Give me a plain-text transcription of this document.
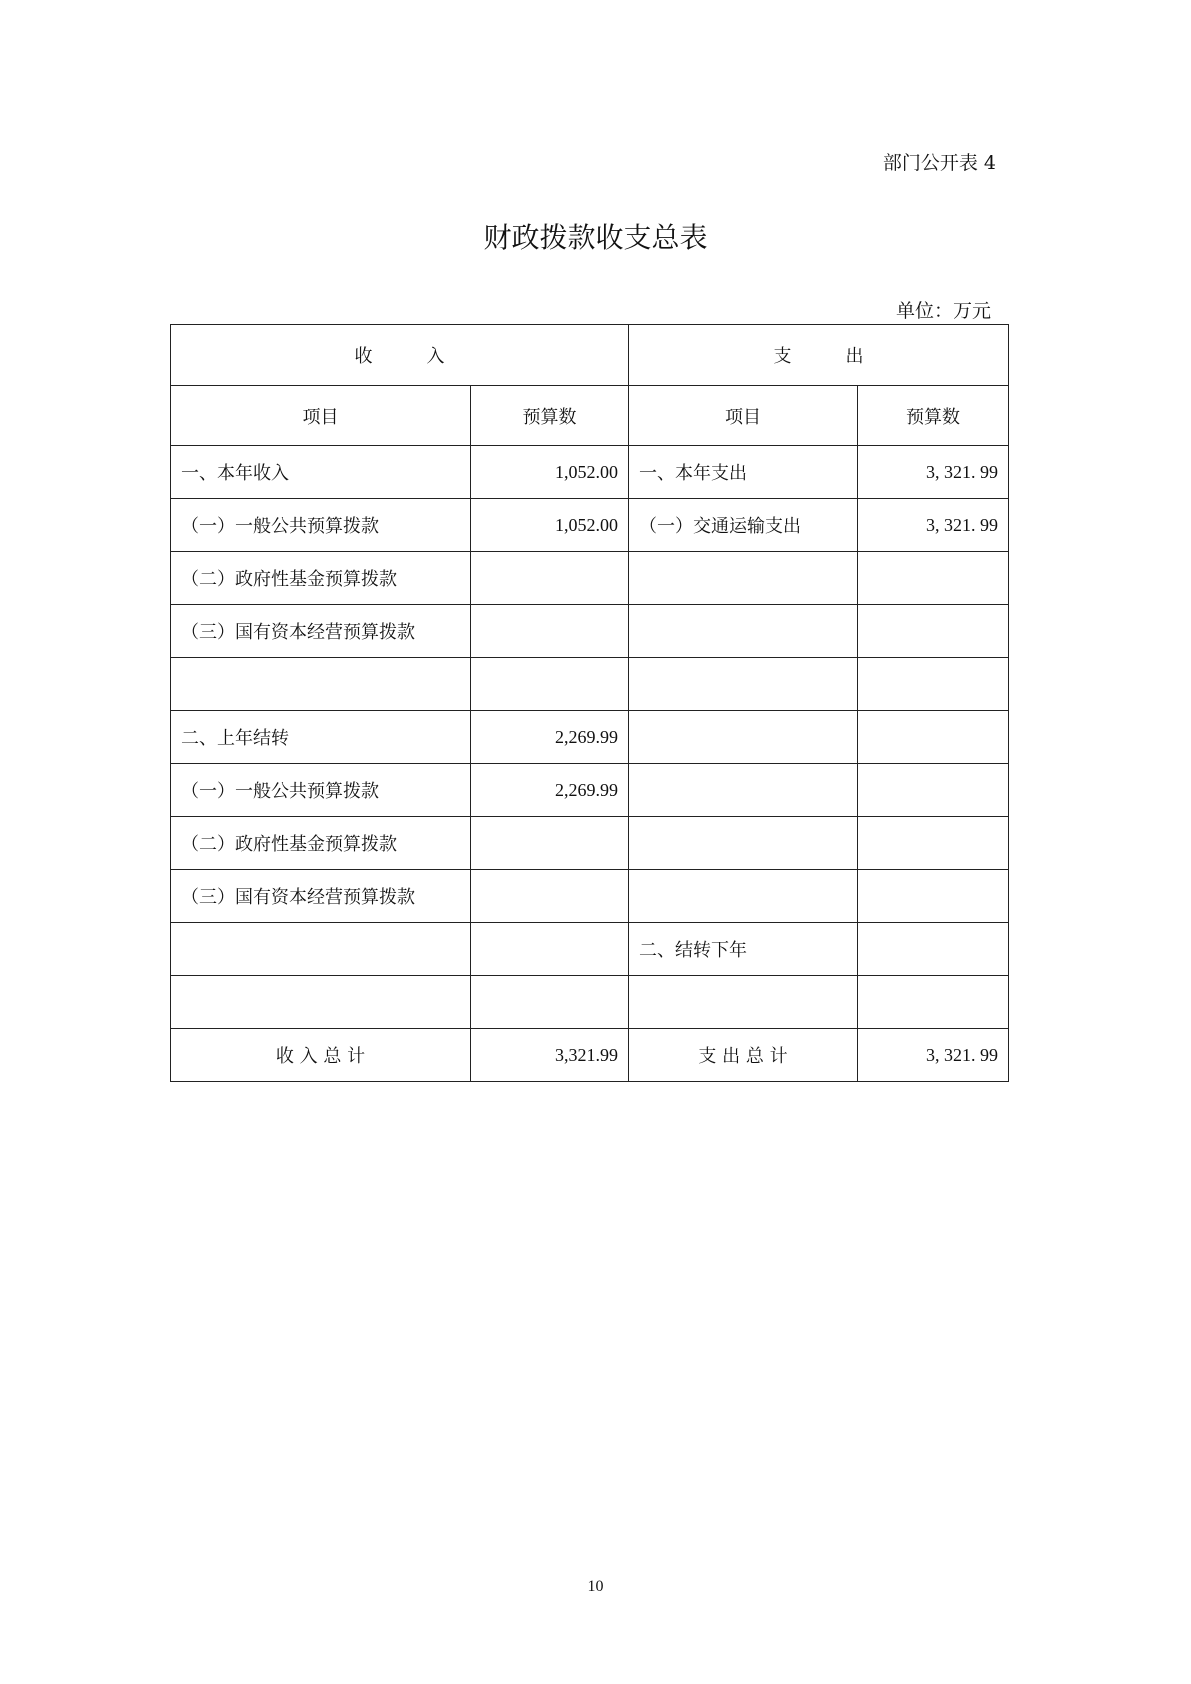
部门公开表 4
财政拨款收支总表
单位：万元
收　　　入		支　　　出	
项目	预算数	项目	预算数
一、本年收入	1,052.00	一、本年支出	3, 321. 99
（一）一般公共预算拨款	1,052.00	（一）交通运输支出	3, 321. 99
（二）政府性基金预算拨款			
（三）国有资本经营预算拨款			

二、上年结转	2,269.99		
（一）一般公共预算拨款	2,269.99		
（二）政府性基金预算拨款			
（三）国有资本经营预算拨款			
		二、结转下年	

收 入 总 计	3,321.99	支 出 总 计	3, 321. 99
10
